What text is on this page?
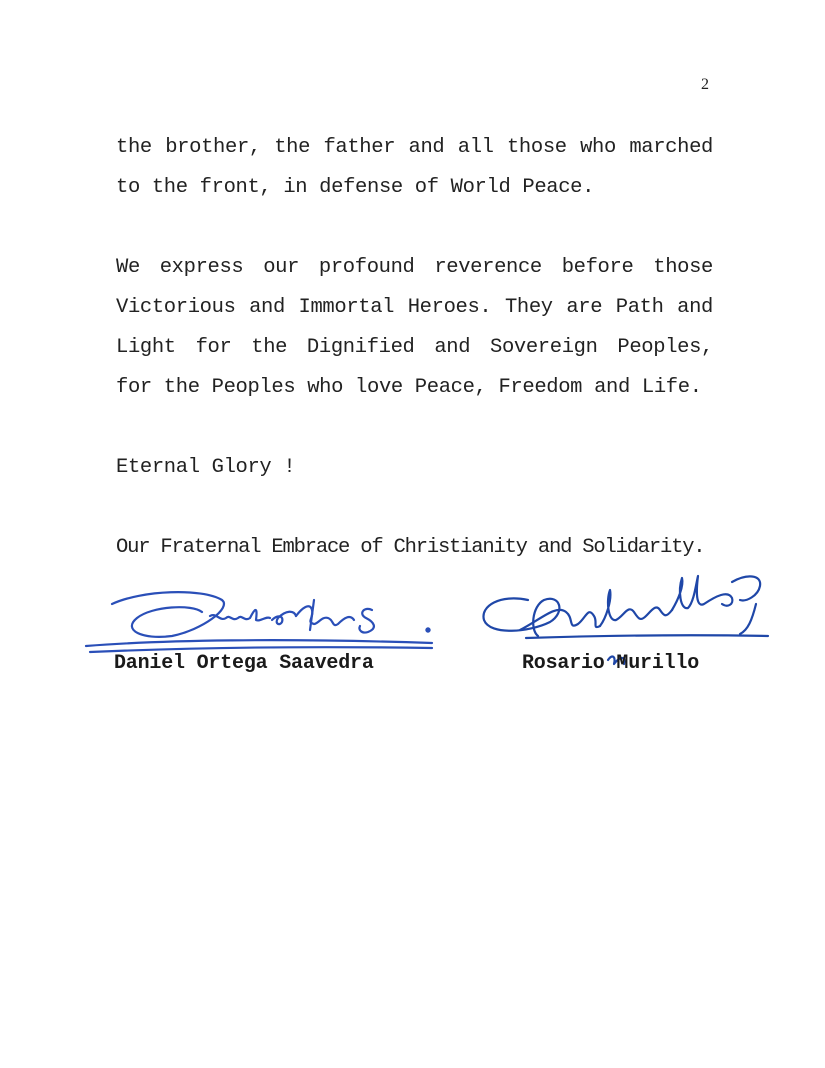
2

the brother, the father and all those who marched to the front, in defense of World Peace.

We express our profound reverence before those Victorious and Immortal Heroes. They are Path and Light for the Dignified and Sovereign Peoples, for the Peoples who love Peace, Freedom and Life.

Eternal Glory !

Our Fraternal Embrace of Christianity and Solidarity.

Daniel Ortega Saavedra	Rosario Murillo
